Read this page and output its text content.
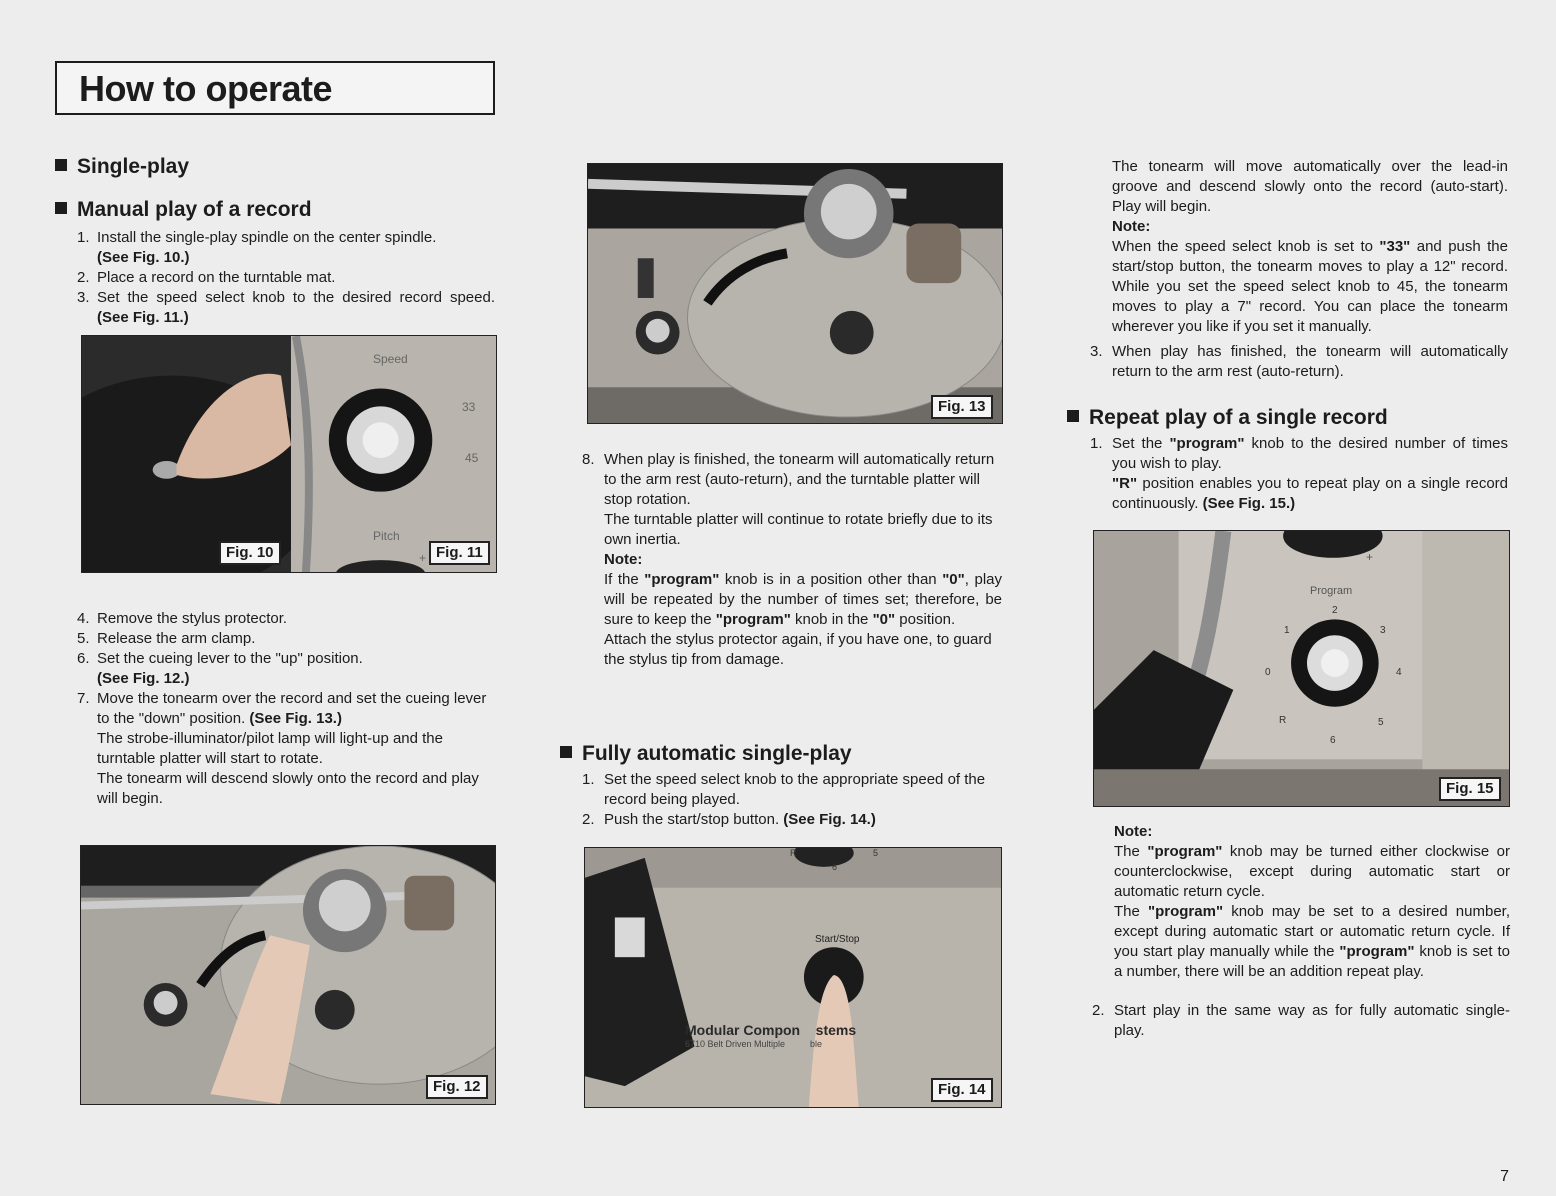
How to operate
Single-play
Manual play of a record
1. Install the single-play spindle on the center spindle.
(See Fig. 10.)
2. Place a record on the turntable mat.
3. Set the speed select knob to the desired record speed. (See Fig. 11.)
Speed
33
45
Pitch
+
Fig. 10	Fig. 11
4. Remove the stylus protector.
5. Release the arm clamp.
6. Set the cueing lever to the "up" position.
(See Fig. 12.)
7. Move the tonearm over the record and set the cueing lever to the "down" position. (See Fig. 13.)

The strobe-illuminator/pilot lamp will light-up and the turntable platter will start to rotate.

The tonearm will descend slowly onto the record and play will begin.

Fig. 12
Fig. 13
8. When play is finished, the tonearm will automatically return to the arm rest (auto-return), and the turntable platter will stop rotation.

The turntable platter will continue to rotate briefly due to its own inertia.

Note:

If the "program" knob is in a position other than "0", play will be repeated by the number of times set; therefore, be sure to keep the "program" knob in the "0" position.

Attach the stylus protector again, if you have one, to guard the stylus tip from damage.

Fully automatic single-play
1. Set the speed select knob to the appropriate speed of the record being played.
2. Push the start/stop button. (See Fig. 14.)
Start/Stop
Modular Compon    stems
6710 Belt Driven Multiple          ble
R	5
6
Fig. 14

The tonearm will move automatically over the lead-in groove and descend slowly onto the record (auto-start). Play will begin.

Note:

When the speed select knob is set to "33" and push the start/stop button, the tonearm moves to play a 12" record. While you set the speed select knob to 45, the tonearm moves to play a 7" record. You can place the tonearm wherever you like if you set it manually.

3. When play has finished, the tonearm will automatically return to the arm rest (auto-return).
Repeat play of a single record
1. Set the "program" knob to the desired number of times you wish to play.

"R" position enables you to repeat play on a single record continuously. (See Fig. 15.)

Program
+
0
1
2
3
4
5
6
R
Fig. 15

Note:

The "program" knob may be turned either clockwise or counterclockwise, except during automatic start or automatic return cycle.

The "program" knob may be set to a desired number, except during automatic start or automatic return cycle. If you start play manually while the "program" knob is set to a number, there will be an addition repeat play.

2. Start play in the same way as for fully automatic single-play.
7
